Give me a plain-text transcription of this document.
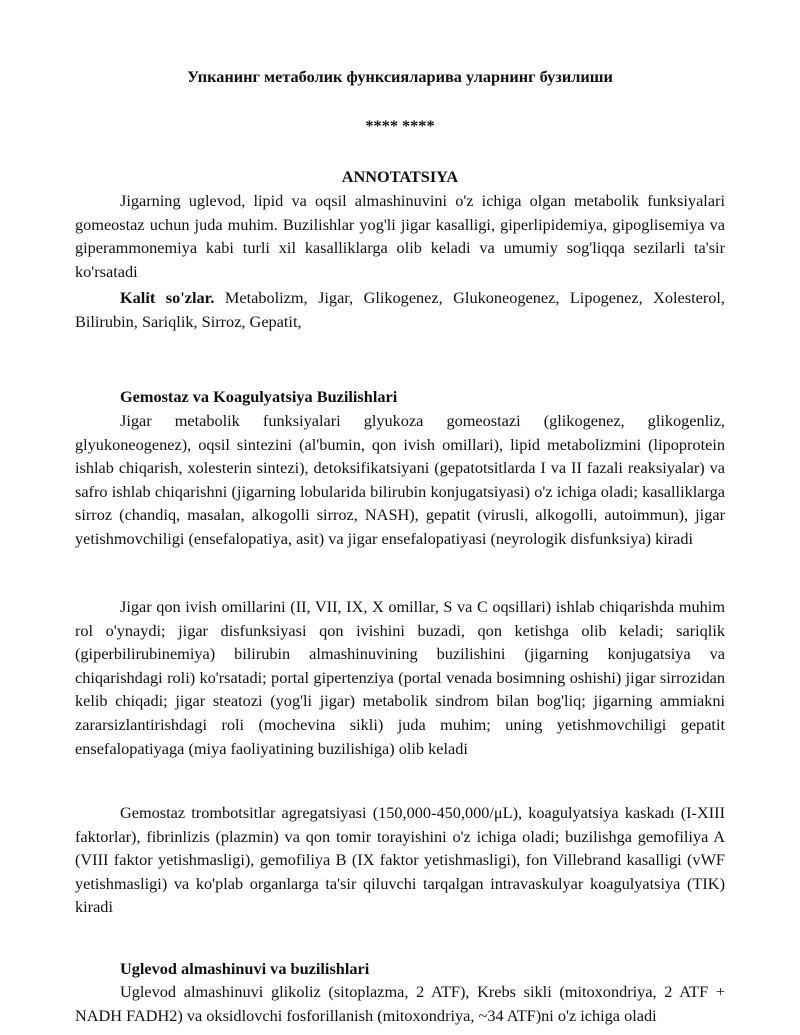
Упканинг метаболик функсияларива уларнинг бузилиши
**** ****
ANNOTATSIYA

Jigarning uglevod, lipid va oqsil almashinuvini o'z ichiga olgan metabolik funksiyalari gomeostaz uchun juda muhim. Buzilishlar yog'li jigar kasalligi, giperlipidemiya, gipoglisemiya va giperammonemiya kabi turli xil kasalliklarga olib keladi va umumiy sog'liqqa sezilarli ta'sir ko'rsatadi

Kalit so'zlar. Metabolizm, Jigar, Glikogenez, Glukoneogenez, Lipogenez, Xolesterol, Bilirubin, Sariqlik, Sirroz, Gepatit,

Gemostaz va Koagulyatsiya Buzilishlari

Jigar metabolik funksiyalari glyukoza gomeostazi (glikogenez, glikogenliz, glyukoneogenez), oqsil sintezini (al'bumin, qon ivish omillari), lipid metabolizmini (lipoprotein ishlab chiqarish, xolesterin sintezi), detoksifikatsiyani (gepatotsitlarda I va II fazali reaksiyalar) va safro ishlab chiqarishni (jigarning lobularida bilirubin konjugatsiyasi) o'z ichiga oladi; kasalliklarga sirroz (chandiq, masalan, alkogolli sirroz, NASH), gepatit (virusli, alkogolli, autoimmun), jigar yetishmovchiligi (ensefalopatiya, asit) va jigar ensefalopatiyasi (neyrologik disfunksiya) kiradi

Jigar qon ivish omillarini (II, VII, IX, X omillar, S va C oqsillari) ishlab chiqarishda muhim rol o'ynaydi; jigar disfunksiyasi qon ivishini buzadi, qon ketishga olib keladi; sariqlik (giperbilirubinemiya) bilirubin almashinuvining buzilishini (jigarning konjugatsiya va chiqarishdagi roli) ko'rsatadi; portal gipertenziya (portal venada bosimning oshishi) jigar sirrozidan kelib chiqadi; jigar steatozi (yog'li jigar) metabolik sindrom bilan bog'liq; jigarning ammiakni zararsizlantirishdagi roli (mochevina sikli) juda muhim; uning yetishmovchiligi gepatit ensefalopatiyaga (miya faoliyatining buzilishiga) olib keladi

Gemostaz trombotsitlar agregatsiyasi (150,000-450,000/μL), koagulyatsiya kaskadı (I-XIII faktorlar), fibrinlizis (plazmin) va qon tomir torayishini o'z ichiga oladi; buzilishga gemofiliya A (VIII faktor yetishmasligi), gemofiliya B (IX faktor yetishmasligi), fon Villebrand kasalligi (vWF yetishmasligi) va ko'plab organlarga ta'sir qiluvchi tarqalgan intravaskulyar koagulyatsiya (TIK) kiradi

Uglevod almashinuvi va buzilishlari

Uglevod almashinuvi glikoliz (sitoplazma, 2 ATF), Krebs sikli (mitoxondriya, 2 ATF + NADH FADH2) va oksidlovchi fosforillanish (mitoxondriya, ~34 ATF)ni o'z ichiga oladi
